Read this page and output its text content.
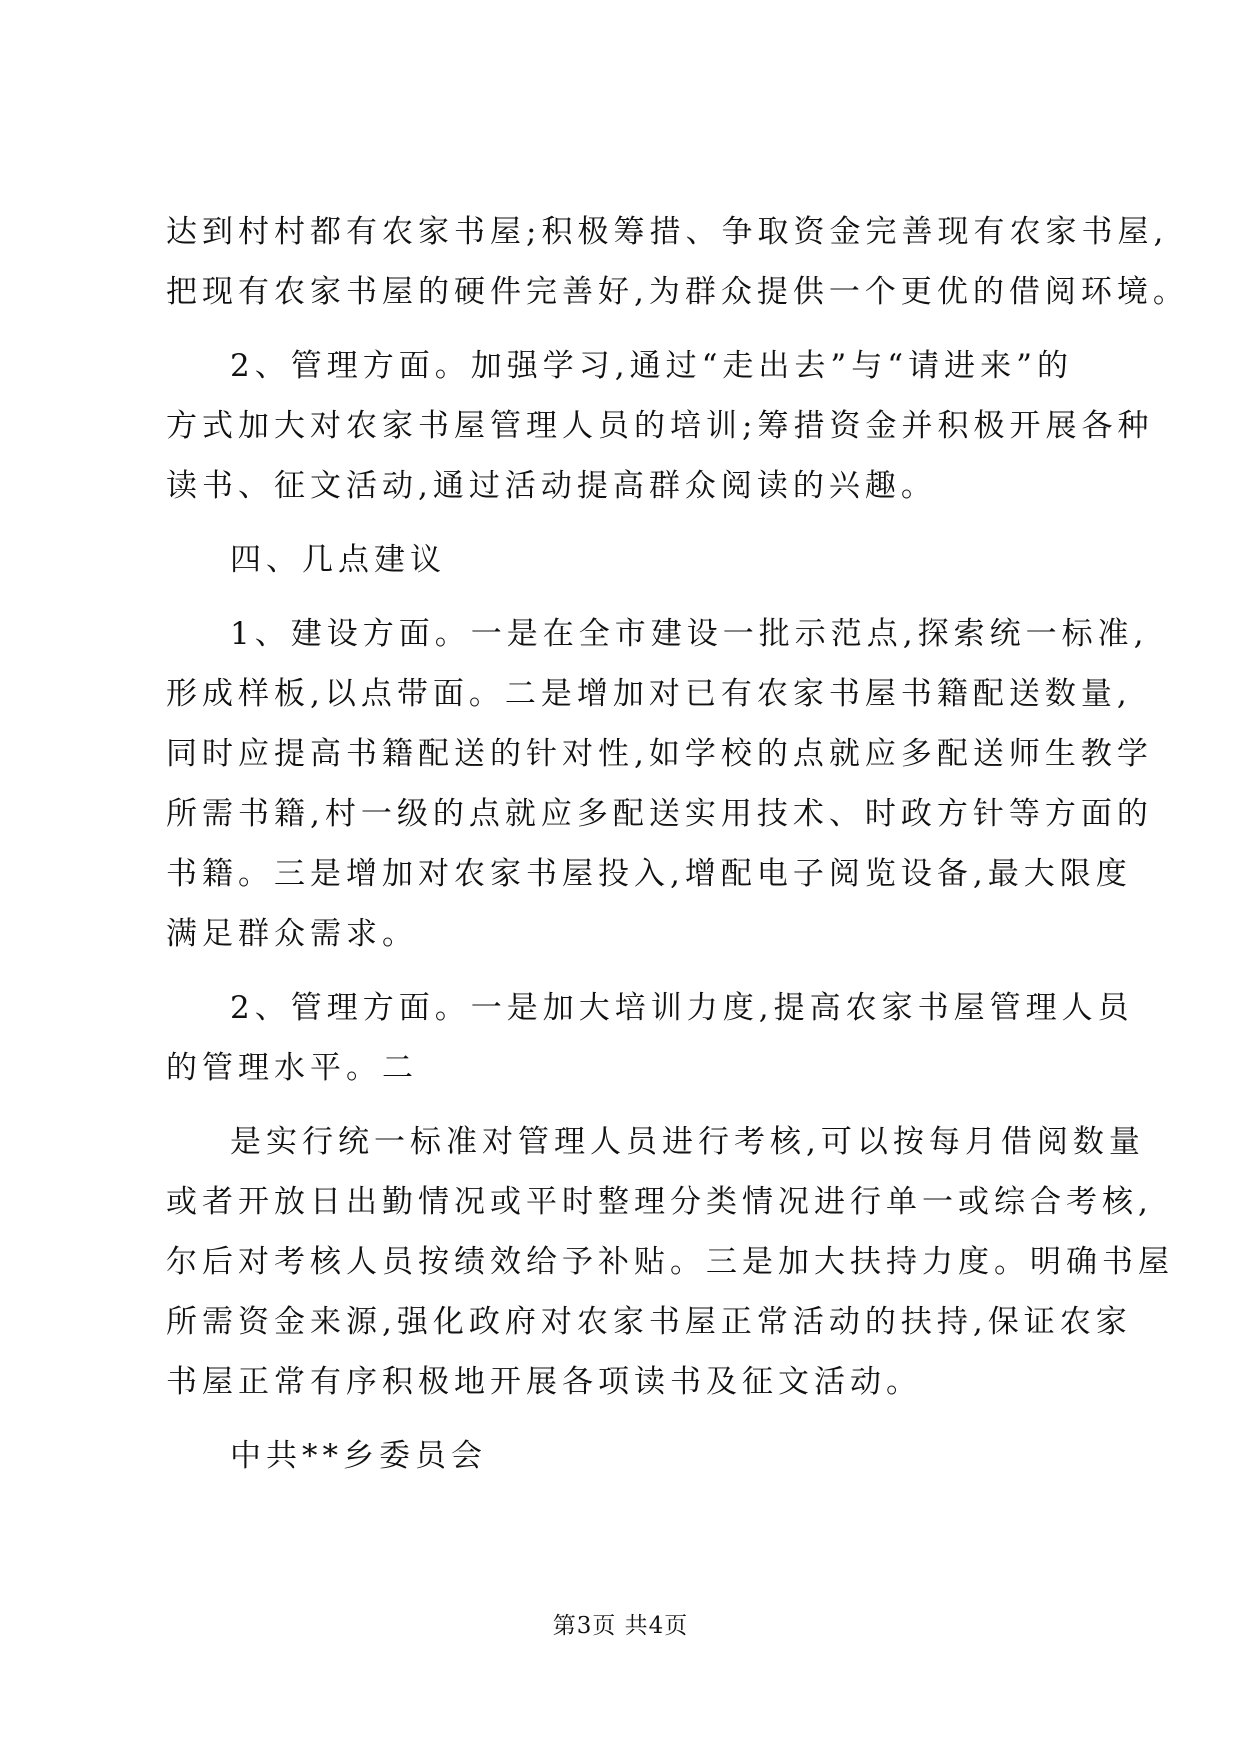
达到村村都有农家书屋;积极筹措、争取资金完善现有农家书屋,
把现有农家书屋的硬件完善好,为群众提供一个更优的借阅环境。
2、管理方面。加强学习,通过“走出去”与“请进来”的
方式加大对农家书屋管理人员的培训;筹措资金并积极开展各种
读书、征文活动,通过活动提高群众阅读的兴趣。
四、几点建议
1、建设方面。一是在全市建设一批示范点,探索统一标准,
形成样板,以点带面。二是增加对已有农家书屋书籍配送数量,
同时应提高书籍配送的针对性,如学校的点就应多配送师生教学
所需书籍,村一级的点就应多配送实用技术、时政方针等方面的
书籍。三是增加对农家书屋投入,增配电子阅览设备,最大限度
满足群众需求。
2、管理方面。一是加大培训力度,提高农家书屋管理人员
的管理水平。二
是实行统一标准对管理人员进行考核,可以按每月借阅数量
或者开放日出勤情况或平时整理分类情况进行单一或综合考核,
尔后对考核人员按绩效给予补贴。三是加大扶持力度。明确书屋
所需资金来源,强化政府对农家书屋正常活动的扶持,保证农家
书屋正常有序积极地开展各项读书及征文活动。
中共**乡委员会
第3页 共4页
